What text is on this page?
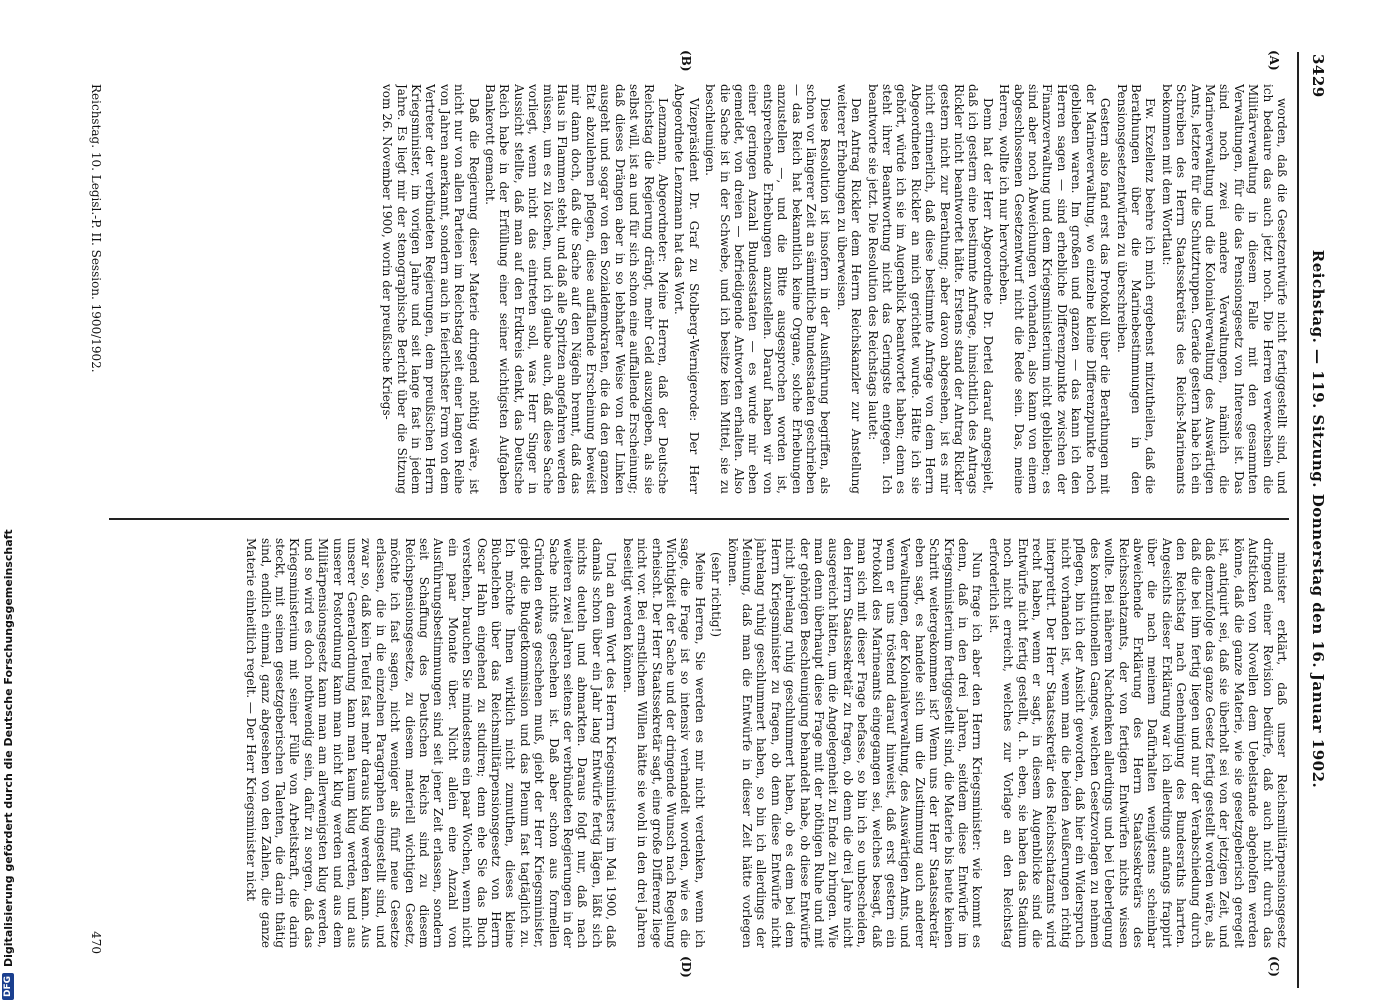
3429
Reichstag. — 119. Sitzung. Donnerstag den 16. Januar 1902.
(A)
(B)
(C)
(D)

worden, daß die Gesetzentwürfe nicht fertiggestellt sind, und ich bedaure das auch jetzt noch. Die Herren verwechseln die Militärverwaltung in diesem Falle mit den gesammten Verwaltungen, für die das Pensionsgesetz von Interesse ist. Das sind noch zwei andere Verwaltungen, nämlich die Marineverwaltung und die Kolonialverwaltung des Auswärtigen Amts, letztere für die Schutztruppen. Gerade gestern habe ich ein Schreiben des Herrn Staatssekretärs des Reichs-Marineamts bekommen mit dem Wortlaut:

Ew. Exzellenz beehre ich mich ergebenst mitzutheilen, daß die Berathungen über die Marinebestimmungen in den Pensionsgesetzentwürfen zu überschreiben.

Gestern also fand erst das Protokoll über die Berathungen mit der Marineverwaltung, wo einzelne kleine Differenzpunkte noch geblieben waren. Im großen und ganzen — das kann ich den Herren sagen — sind erhebliche Differenzpunkte zwischen der Finanzverwaltung und dem Kriegsministerium nicht geblieben; es sind aber noch Abweichungen vorhanden, also kann von einem abgeschlossenen Gesetzentwurf nicht die Rede sein. Das, meine Herren, wollte ich nur hervorheben.

Denn hat der Herr Abgeordnete Dr. Dertel darauf angespielt, daß ich gestern eine bestimmte Anfrage, hinsichtlich des Antrags Rickler nicht beantwortet hätte. Erstens stand der Antrag Rickler gestern nicht zur Berathung; aber davon abgesehen, ist es mir nicht erinnerlich, daß diese bestimmte Anfrage von dem Herrn Abgeordneten Rickler an mich gerichtet wurde. Hätte ich sie gehört, würde ich sie im Augenblick beantwortet haben; denn es steht ihrer Beantwortung nicht das Geringste entgegen. Ich beantworte sie jetzt. Die Resolution des Reichstags lautet:

Den Antrag Rickler dem Herrn Reichskanzler zur Anstellung weiterer Erhebungen zu überweisen.

Diese Resolution ist insofern in der Ausführung begriffen, als schon vor längerer Zeit an sämmtliche Bundesstaaten geschrieben — das Reich hat bekanntlich keine Organe, solche Erhebungen anzustellen —, und die Bitte ausgesprochen worden ist, entsprechende Erhebungen anzustellen. Darauf haben wir von einer geringen Anzahl Bundesstaaten — es wurde mir eben gemeldet, von dreien — befriedigende Antworten erhalten. Also die Sache ist in der Schwebe, und ich besitze kein Mittel, sie zu beschleunigen.

Vizepräsident Dr. Graf zu Stolberg-Wernigerode: Der Herr Abgeordnete Lenzmann hat das Wort.

Lenzmann, Abgeordneter: Meine Herren, daß der Deutsche Reichstag die Regierung drängt, mehr Geld auszugeben, als sie selbst will, ist an und für sich schon eine auffallende Erscheinung; daß dieses Drängen aber in so lebhafter Weise von der Linken ausgeht und sogar von den Sozialdemokraten, die da den ganzen Etat abzulehnen pflegen, diese auffallende Erscheinung beweist mir dann doch, daß die Sache auf den Nägeln brennt, daß das Haus in Flammen steht, und daß alle Spritzen angefahren werden müssen, um es zu löschen, und ich glaube auch, daß diese Sache vorliegt, wenn nicht das eintreten soll, was Herr Singer in Aussicht stellte, daß man auf den Erdkreis denkt, das Deutsche Reich habe in der Erfüllung einer seiner wichtigsten Aufgaben Bankerott gemacht.

Daß die Regierung dieser Materie dringend nöthig wäre, ist nicht nur von allen Parteien im Reichstag seit einer langen Reihe von Jahren anerkannt, sondern auch in feierlichster Form von dem Vertreter der verbündeten Regierungen, dem preußischen Herrn Kriegsminister, im vorigen Jahre und seit lange fast in jedem Jahre. Es liegt mir der stenographische Bericht über die Sitzung vom 26. November 1900, worin der preußische Kriegs-

minister erklärt, daß unser Reichsmilitärpensionsgesetz dringend einer Revision bedürfe, daß auch nicht durch das Aufsticken von Novellen dem Uebelstande abgeholfen werden könne, daß die ganze Materie, wie sie gesetzgeberisch geregelt ist, antiquirt sei, daß sie überholt sei von der jetzigen Zeit, und daß demzufolge das ganze Gesetz fertig gestellt worden wäre, als daß die bei ihm fertig liegen und nur der Verabschiedung durch den Reichstag nach Genehmigung des Bundesraths harrten. Angesichts dieser Erklärung war ich allerdings anfangs frappirt über die nach meinem Dafürhalten wenigstens scheinbar abweichende Erklärung des Herrn Staatssekretärs des Reichsschatzamts, der von fertigen Entwürfen nichts wissen wollte. Bei näherem Nachdenken allerdings und bei Ueberlegung des konstitutionellen Ganges, welchen Gesetzvorlagen zu nehmen pflegen, bin ich der Ansicht geworden, daß hier ein Widerspruch nicht vorhanden ist, wenn man die beiden Aeußerungen richtig interpretirt. Der Herr Staatssekretär des Reichsschatzamts wird recht haben, wenn er sagt, in diesem Augenblicke sind die Entwürfe nicht fertig gestellt, d. h. eben, sie haben das Stadium noch nicht erreicht, welches zur Vorlage an den Reichstag erforderlich ist.

Nun frage ich aber den Herrn Kriegsminister: wie kommt es denn, daß in den drei Jahren, seitdem diese Entwürfe im Kriegsministerium fertiggestellt sind, die Materie bis heute keinen Schritt weitergekommen ist? Wenn uns der Herr Staatssekretär eben sagt, es handele sich um die Zustimmung auch anderer Verwaltungen, der Kolonialverwaltung, des Auswärtigen Amts, und wenn er uns tröstend darauf hinweist, daß erst gestern ein Protokoll des Marineamts eingegangen sei, welches besagt, daß man sich mit dieser Frage befasse, so bin ich so unbescheiden, den Herrn Staatssekretär zu fragen, ob denn die drei Jahre nicht ausgereicht hätten, um die Angelegenheit zu Ende zu bringen. Wie man denn überhaupt diese Frage mit der nöthigen Ruhe und mit der gehörigen Beschleunigung behandelt habe, ob diese Entwürfe nicht jahrelang ruhig geschlummert haben, ob es dem bei dem Herrn Kriegsminister zu fragen, ob denn diese Entwürfe nicht jahrelang ruhig geschlummert haben, so bin ich allerdings der Meinung, daß man die Entwürfe in dieser Zeit hätte vorlegen können.

(sehr richtig!)

Meine Herren, Sie werden es mir nicht verdenken, wenn ich sage, die Frage ist so intensiv verhandelt worden, wie es die Wichtigkeit der Sache und der dringende Wunsch nach Regelung erheischt. Der Herr Staatssekretär sagt, eine große Differenz liege nicht vor. Bei ernstlichem Willen hätte sie wohl in den drei Jahren beseitigt werden können.

Und an dem Wort des Herrn Kriegsministers im Mai 1900, daß damals schon über ein Jahr lang Entwürfe fertig lägen, läßt sich nichts deuteln und abmarkten. Daraus folgt nur, daß nach weiteren zwei Jahren seitens der verbündeten Regierungen in der Sache nichts geschehen ist. Daß aber schon aus formellen Gründen etwas geschehen muß, giebt der Herr Kriegsminister, giebt die Budgetkommission und das Plenum fast tagtäglich zu. Ich möchte Ihnen wirklich nicht zumuthen, dieses kleine Büchelchen über das Reichsmilitärpensionsgesetz von Herrn Oscar Hahn eingehend zu studiren; denn ehe Sie das Buch verstehen, brauchen Sie mindestens ein paar Wochen, wenn nicht ein paar Monate über. Nicht allein eine Anzahl von Ausführungsbestimmungen sind seit jener Zeit erlassen, sondern seit Schaffung des Deutschen Reichs sind zu diesem Reichspensionsgesetze, zu diesem materiell wichtigen Gesetz, möchte ich fast sagen, nicht weniger als fünf neue Gesetze erlassen, die in die einzelnen Paragraphen eingestellt sind, und zwar so, daß kein Teufel fast mehr daraus klug werden kann. Aus unserer Generalordnung kann man kaum klug werden, und aus unserer Postordnung kann man nicht klug werden und aus dem Militärpensionsgesetz kann man am allerwenigsten klug werden, und so wird es doch nothwendig sein, dafür zu sorgen, daß das Kriegsministerium mit seiner Fülle von Arbeitskraft, die darin steckt, mit seinen gesetzgeberischen Talenten, die darin thätig sind, endlich einmal, ganz abgesehen von den Zahlen, die ganze Materie einheitlich regelt. — Der Herr Kriegsminister nickt

Reichstag. 10. Legisl.-P. II. Session. 1900/1902.
470
DFG
Digitalisierung gefördert durch die Deutsche Forschungsgemeinschaft
